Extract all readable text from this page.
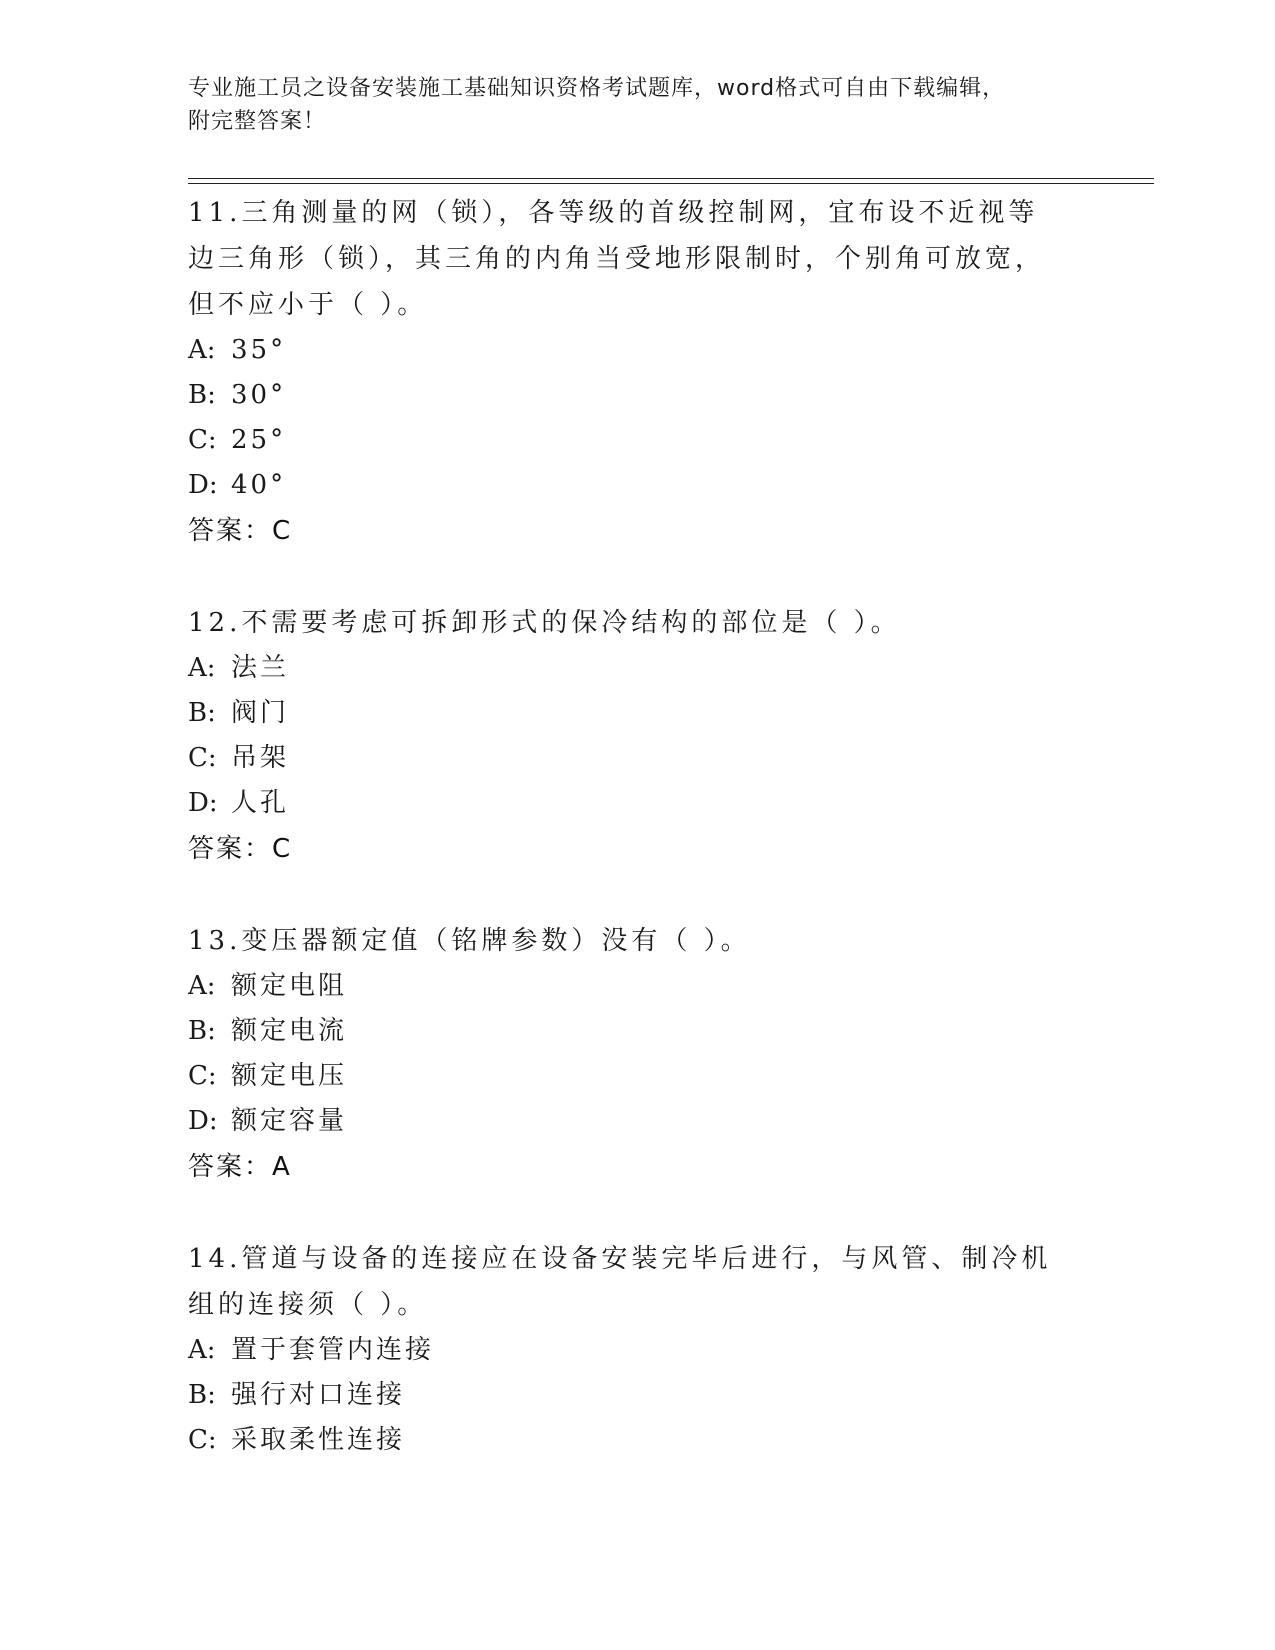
专业施工员之设备安装施工基础知识资格考试题库，word格式可自由下载编辑，
附完整答案！

11.三角测量的网（锁），各等级的首级控制网，宜布设不近视等边三角形（锁），其三角的内角当受地形限制时，个别角可放宽，但不应小于（ ）。

A: 35°

B: 30°

C: 25°

D: 40°

答案：C

12.不需要考虑可拆卸形式的保冷结构的部位是（ ）。

A: 法兰

B: 阀门

C: 吊架

D: 人孔

答案：C

13.变压器额定值（铭牌参数）没有（ ）。

A: 额定电阻

B: 额定电流

C: 额定电压

D: 额定容量

答案：A

14.管道与设备的连接应在设备安装完毕后进行，与风管、制冷机组的连接须（ ）。

A: 置于套管内连接

B: 强行对口连接

C: 采取柔性连接
